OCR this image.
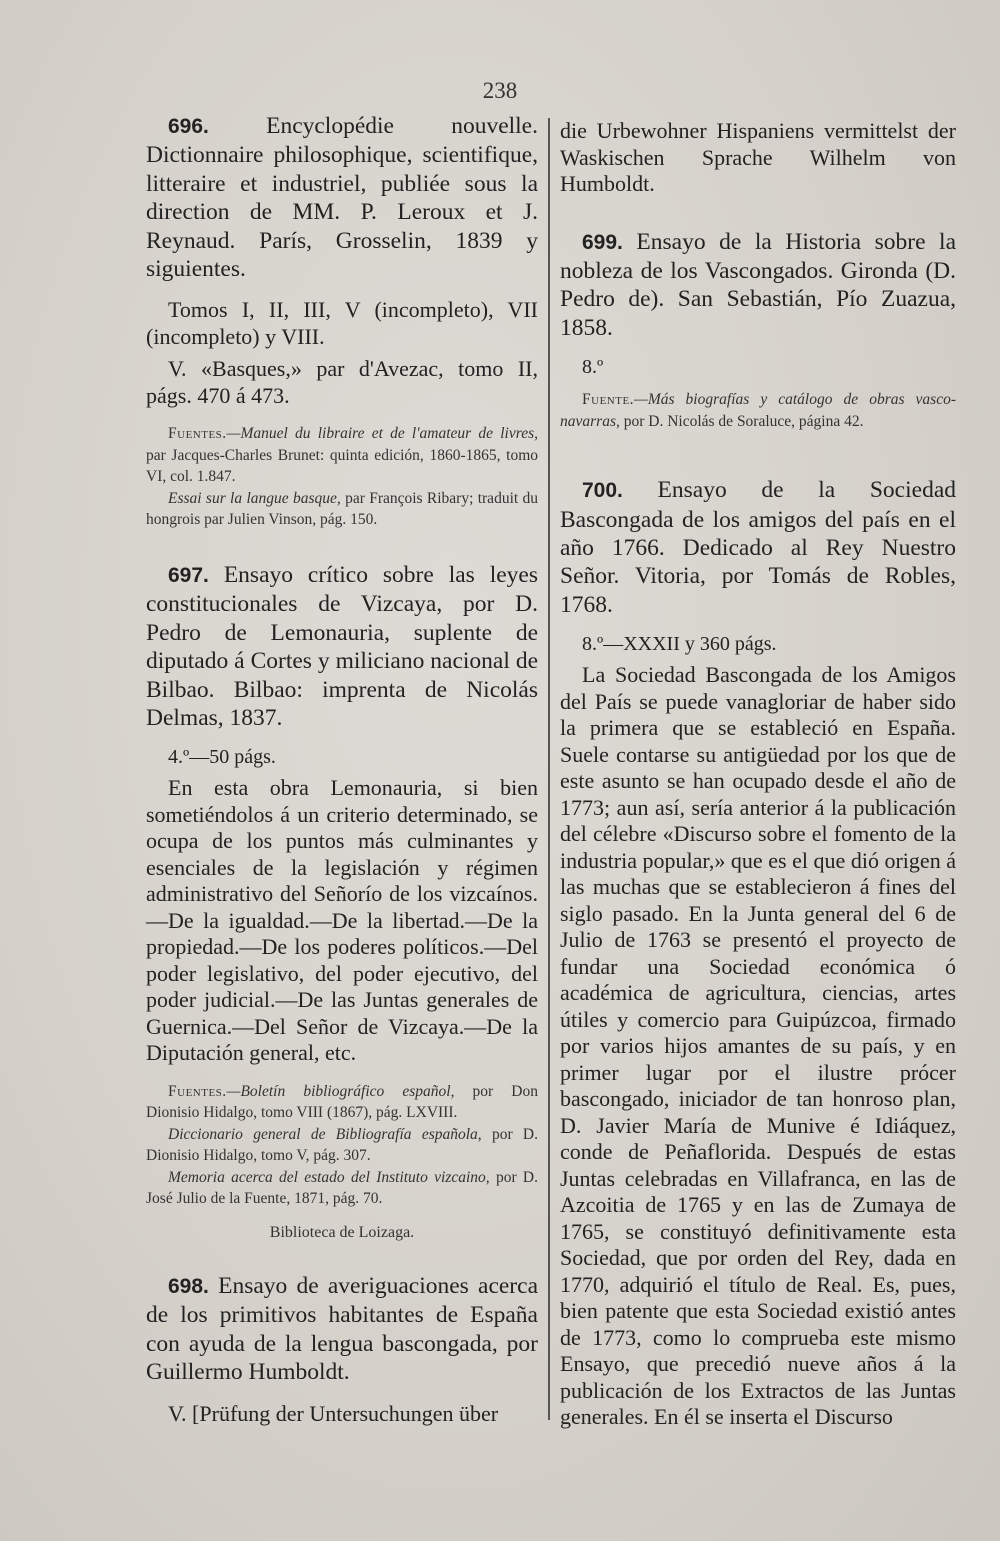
238

696. Encyclopédie nouvelle. Dictionnaire philosophique, scientifique, litteraire et industriel, publiée sous la direction de MM. P. Leroux et J. Reynaud. París, Grosselin, 1839 y siguientes.

Tomos I, II, III, V (incompleto), VII (incompleto) y VIII.

V. «Basques,» par d'Avezac, tomo II, págs. 470 á 473.

Fuentes.—Manuel du libraire et de l'amateur de livres, par Jacques-Charles Brunet: quinta edición, 1860-1865, tomo VI, col. 1.847.

Essai sur la langue basque, par François Ribary; traduit du hongrois par Julien Vinson, pág. 150.

697. Ensayo crítico sobre las leyes constitucionales de Vizcaya, por D. Pedro de Lemonauria, suplente de diputado á Cortes y miliciano nacional de Bilbao. Bilbao: imprenta de Nicolás Delmas, 1837.

4.º—50 págs.

En esta obra Lemonauria, si bien sometiéndolos á un criterio determinado, se ocupa de los puntos más culminantes y esenciales de la legislación y régimen administrativo del Señorío de los vizcaínos.—De la igualdad.—De la libertad.—De la propiedad.—De los poderes políticos.—Del poder legislativo, del poder ejecutivo, del poder judicial.—De las Juntas generales de Guernica.—Del Señor de Vizcaya.—De la Diputación general, etc.

Fuentes.—Boletín bibliográfico español, por Don Dionisio Hidalgo, tomo VIII (1867), pág. LXVIII.

Diccionario general de Bibliografía española, por D. Dionisio Hidalgo, tomo V, pág. 307.

Memoria acerca del estado del Instituto vizcaino, por D. José Julio de la Fuente, 1871, pág. 70.

Biblioteca de Loizaga.

698. Ensayo de averiguaciones acerca de los primitivos habitantes de España con ayuda de la lengua bascongada, por Guillermo Humboldt.

V. [Prüfung der Untersuchungen über

die Urbewohner Hispaniens vermittelst der Waskischen Sprache Wilhelm von Humboldt.

699. Ensayo de la Historia sobre la nobleza de los Vascongados. Gironda (D. Pedro de). San Sebastián, Pío Zuazua, 1858.

8.º

Fuente.—Más biografías y catálogo de obras vasco-navarras, por D. Nicolás de Soraluce, página 42.

700. Ensayo de la Sociedad Bascongada de los amigos del país en el año 1766. Dedicado al Rey Nuestro Señor. Vitoria, por Tomás de Robles, 1768.

8.º—XXXII y 360 págs.

La Sociedad Bascongada de los Amigos del País se puede vanagloriar de haber sido la primera que se estableció en España. Suele contarse su antigüedad por los que de este asunto se han ocupado desde el año de 1773; aun así, sería anterior á la publicación del célebre «Discurso sobre el fomento de la industria popular,» que es el que dió origen á las muchas que se establecieron á fines del siglo pasado. En la Junta general del 6 de Julio de 1763 se presentó el proyecto de fundar una Sociedad económica ó académica de agricultura, ciencias, artes útiles y comercio para Guipúzcoa, firmado por varios hijos amantes de su país, y en primer lugar por el ilustre prócer bascongado, iniciador de tan honroso plan, D. Javier María de Munive é Idiáquez, conde de Peñaflorida. Después de estas Juntas celebradas en Villafranca, en las de Azcoitia de 1765 y en las de Zumaya de 1765, se constituyó definitivamente esta Sociedad, que por orden del Rey, dada en 1770, adquirió el título de Real. Es, pues, bien patente que esta Sociedad existió antes de 1773, como lo comprueba este mismo Ensayo, que precedió nueve años á la publicación de los Extractos de las Juntas generales. En él se inserta el Discurso
